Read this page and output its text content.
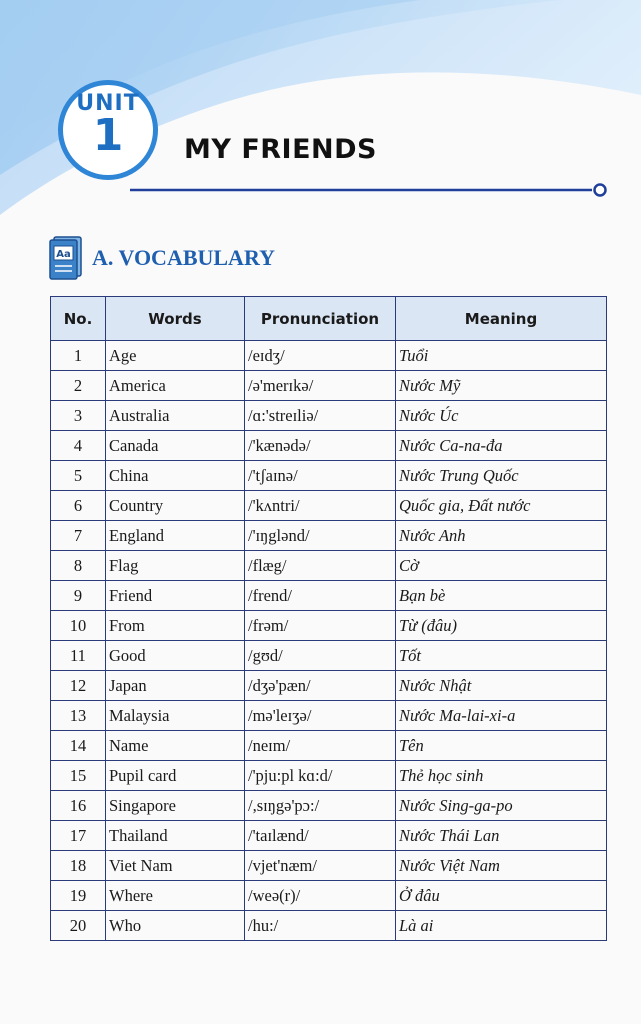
UNIT
1	MY FRIENDS
Aa A. VOCABULARY
No.	Words	Pronunciation	Meaning
1	Age	/eɪdʒ/	Tuổi
2	America	/ə'merɪkə/	Nước Mỹ
3	Australia	/ɑ:'streɪliə/	Nước Úc
4	Canada	/'kænədə/	Nước Ca-na-đa
5	China	/'tʃaɪnə/	Nước Trung Quốc
6	Country	/'kʌntri/	Quốc gia, Đất nước
7	England	/'ɪŋglənd/	Nước Anh
8	Flag	/flæg/	Cờ
9	Friend	/frend/	Bạn bè
10	From	/frəm/	Từ (đâu)
11	Good	/gʊd/	Tốt
12	Japan	/dʒə'pæn/	Nước Nhật
13	Malaysia	/mə'leɪʒə/	Nước Ma-lai-xi-a
14	Name	/neɪm/	Tên
15	Pupil card	/'pju:pl kɑ:d/	Thẻ học sinh
16	Singapore	/,sɪŋgə'pɔ:/	Nước Sing-ga-po
17	Thailand	/'taɪlænd/	Nước Thái Lan
18	Viet Nam	/vjet'næm/	Nước Việt Nam
19	Where	/weə(r)/	Ở đâu
20	Who	/hu:/	Là ai
